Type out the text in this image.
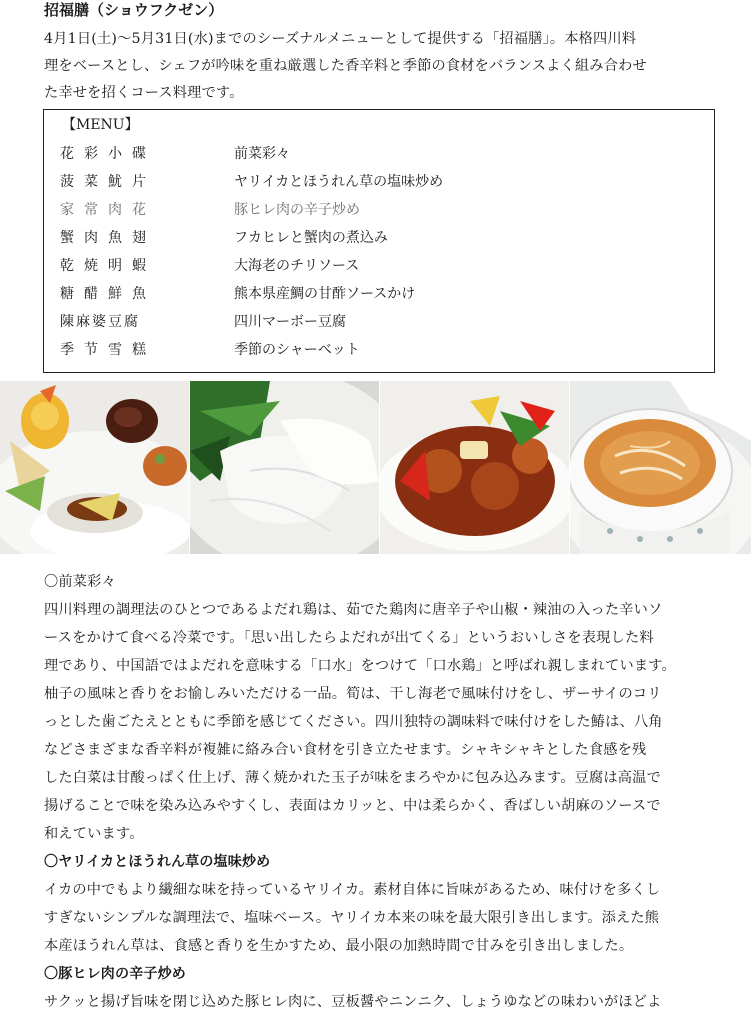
招福膳（ショウフクゼン）
4月1日(土)～5月31日(水)までのシーズナルメニューとして提供する「招福膳」。本格四川料
理をベースとし、シェフが吟味を重ね厳選した香辛料と季節の食材をバランスよく組み合わせ
た幸せを招くコース料理です。
【MENU】
花彩小碟	前菜彩々
菠菜魷片	ヤリイカとほうれん草の塩味炒め
家常肉花	豚ヒレ肉の辛子炒め
蟹肉魚翅	フカヒレと蟹肉の煮込み
乾焼明蝦	大海老のチリソース
糖醋鮮魚	熊本県産鯛の甘酢ソースかけ
陳麻婆豆腐	四川マーボー豆腐
季节雪糕	季節のシャーベット
〇前菜彩々
四川料理の調理法のひとつであるよだれ鶏は、茹でた鶏肉に唐辛子や山椒・辣油の入った辛いソ
ースをかけて食べる冷菜です。「思い出したらよだれが出てくる」というおいしさを表現した料
理であり、中国語ではよだれを意味する「口水」をつけて「口水鶏」と呼ばれ親しまれています。
柚子の風味と香りをお愉しみいただける一品。筍は、干し海老で風味付けをし、ザーサイのコリ
っとした歯ごたえとともに季節を感じてください。四川独特の調味料で味付けをした鰆は、八角
などさまざまな香辛料が複雑に絡み合い食材を引き立たせます。シャキシャキとした食感を残
した白菜は甘酸っぱく仕上げ、薄く焼かれた玉子が味をまろやかに包み込みます。豆腐は高温で
揚げることで味を染み込みやすくし、表面はカリッと、中は柔らかく、香ばしい胡麻のソースで
和えています。
〇ヤリイカとほうれん草の塩味炒め
イカの中でもより繊細な味を持っているヤリイカ。素材自体に旨味があるため、味付けを多くし
すぎないシンプルな調理法で、塩味ベース。ヤリイカ本来の味を最大限引き出します。添えた熊
本産ほうれん草は、食感と香りを生かすため、最小限の加熱時間で甘みを引き出しました。
〇豚ヒレ肉の辛子炒め
サクッと揚げ旨味を閉じ込めた豚ヒレ肉に、豆板醤やニンニク、しょうゆなどの味わいがほどよ
